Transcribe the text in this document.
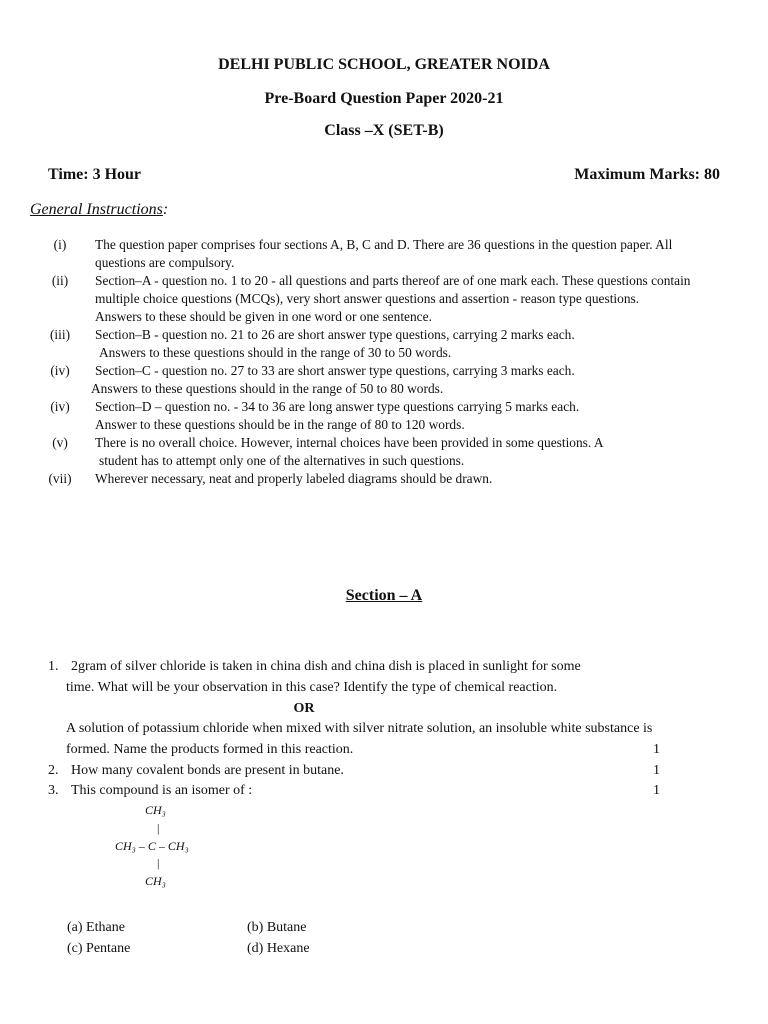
DELHI PUBLIC SCHOOL, GREATER NOIDA
Pre-Board Question Paper 2020-21
Class –X (SET-B)
Time: 3 Hour	Maximum Marks: 80
General Instructions:
(i)	The question paper comprises four sections A, B, C and D. There are 36 questions in the question paper. All
questions are compulsory.
(ii)	Section–A - question no. 1 to 20 - all questions and parts thereof are of one mark each. These questions contain
multiple choice questions (MCQs), very short answer questions and assertion - reason type questions.
Answers to these should be given in one word or one sentence.
(iii)	Section–B - question no. 21 to 26 are short answer type questions, carrying 2 marks each.
Answers to these questions should in the range of 30 to 50 words.
(iv)	Section–C - question no. 27 to 33 are short answer type questions, carrying 3 marks each.
Answers to these questions should in the range of 50 to 80 words.
(iv)	Section–D – question no. - 34 to 36 are long answer type questions carrying 5 marks each.
Answer to these questions should be in the range of 80 to 120 words.
(v)	There is no overall choice. However, internal choices have been provided in some questions. A
student has to attempt only one of the alternatives in such questions.
(vii)	Wherever necessary, neat and properly labeled diagrams should be drawn.
Section – A
1. 2gram of silver chloride is taken in china dish and china dish is placed in sunlight for some
time. What will be your observation in this case? Identify the type of chemical reaction.
OR
A solution of potassium chloride when mixed with silver nitrate solution, an insoluble white substance is
formed. Name the products formed in this reaction.	1
2. How many covalent bonds are present in butane.	1
3. This compound is an isomer of :	1
CH₃
|
CH₃ – C – CH₃
|
CH₃
(a) Ethane	(b) Butane
(c) Pentane	(d) Hexane
